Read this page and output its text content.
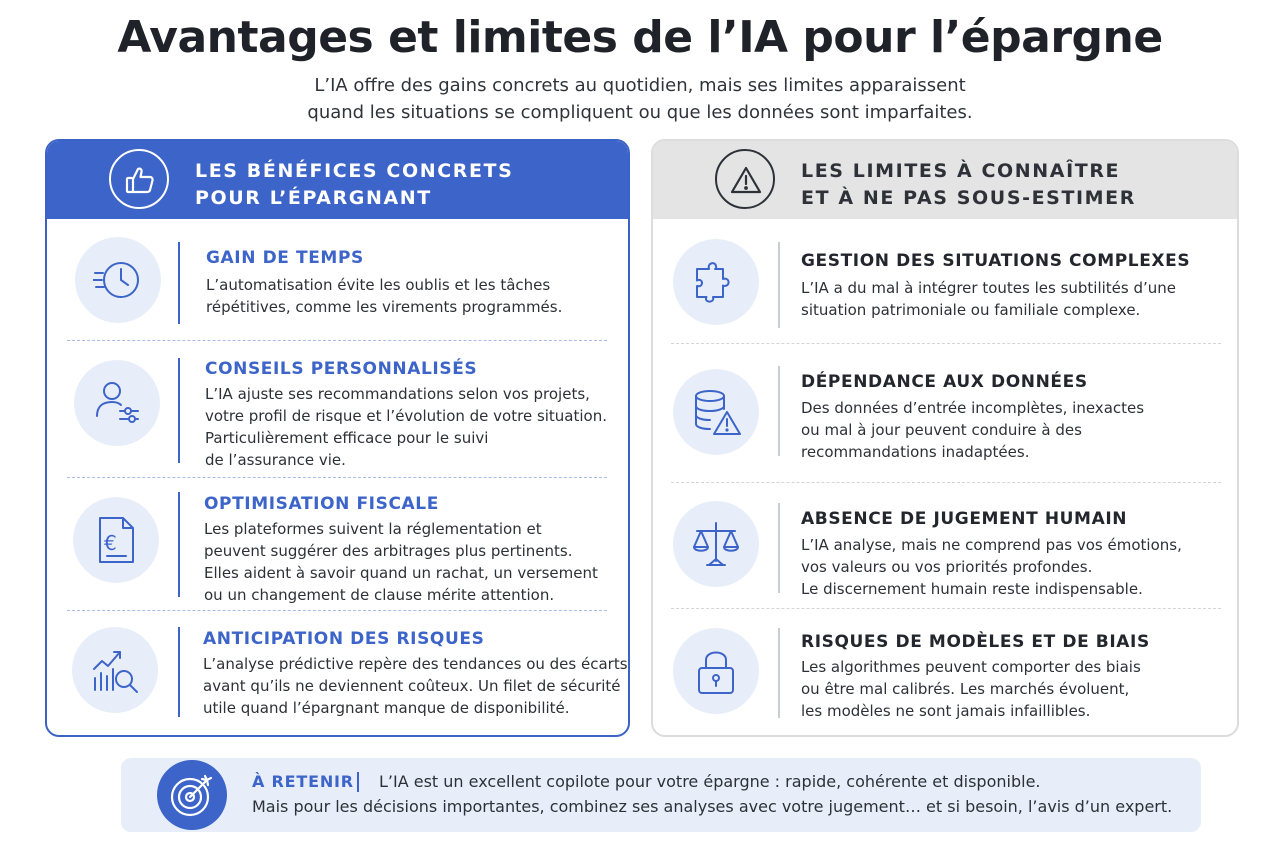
Avantages et limites de l’IA pour l’épargne
L’IA offre des gains concrets au quotidien, mais ses limites apparaissent
quand les situations se compliquent ou que les données sont imparfaites.
LES BÉNÉFICES CONCRETS
POUR L’ÉPARGNANT
GAIN DE TEMPS
L’automatisation évite les oublis et les tâches
répétitives, comme les virements programmés.
CONSEILS PERSONNALISÉS
L’IA ajuste ses recommandations selon vos projets,
votre profil de risque et l’évolution de votre situation.
Particulièrement efficace pour le suivi
de l’assurance vie.
€
OPTIMISATION FISCALE
Les plateformes suivent la réglementation et
peuvent suggérer des arbitrages plus pertinents.
Elles aident à savoir quand un rachat, un versement
ou un changement de clause mérite attention.
ANTICIPATION DES RISQUES
L’analyse prédictive repère des tendances ou des écarts
avant qu’ils ne deviennent coûteux. Un filet de sécurité
utile quand l’épargnant manque de disponibilité.
LES LIMITES À CONNAÎTRE
ET À NE PAS SOUS-ESTIMER
GESTION DES SITUATIONS COMPLEXES
L’IA a du mal à intégrer toutes les subtilités d’une
situation patrimoniale ou familiale complexe.
DÉPENDANCE AUX DONNÉES
Des données d’entrée incomplètes, inexactes
ou mal à jour peuvent conduire à des
recommandations inadaptées.
ABSENCE DE JUGEMENT HUMAIN
L’IA analyse, mais ne comprend pas vos émotions,
vos valeurs ou vos priorités profondes.
Le discernement humain reste indispensable.
RISQUES DE MODÈLES ET DE BIAIS
Les algorithmes peuvent comporter des biais
ou être mal calibrés. Les marchés évoluent,
les modèles ne sont jamais infaillibles.
À RETENIR L’IA est un excellent copilote pour votre épargne : rapide, cohérente et disponible.
Mais pour les décisions importantes, combinez ses analyses avec votre jugement… et si besoin, l’avis d’un expert.
